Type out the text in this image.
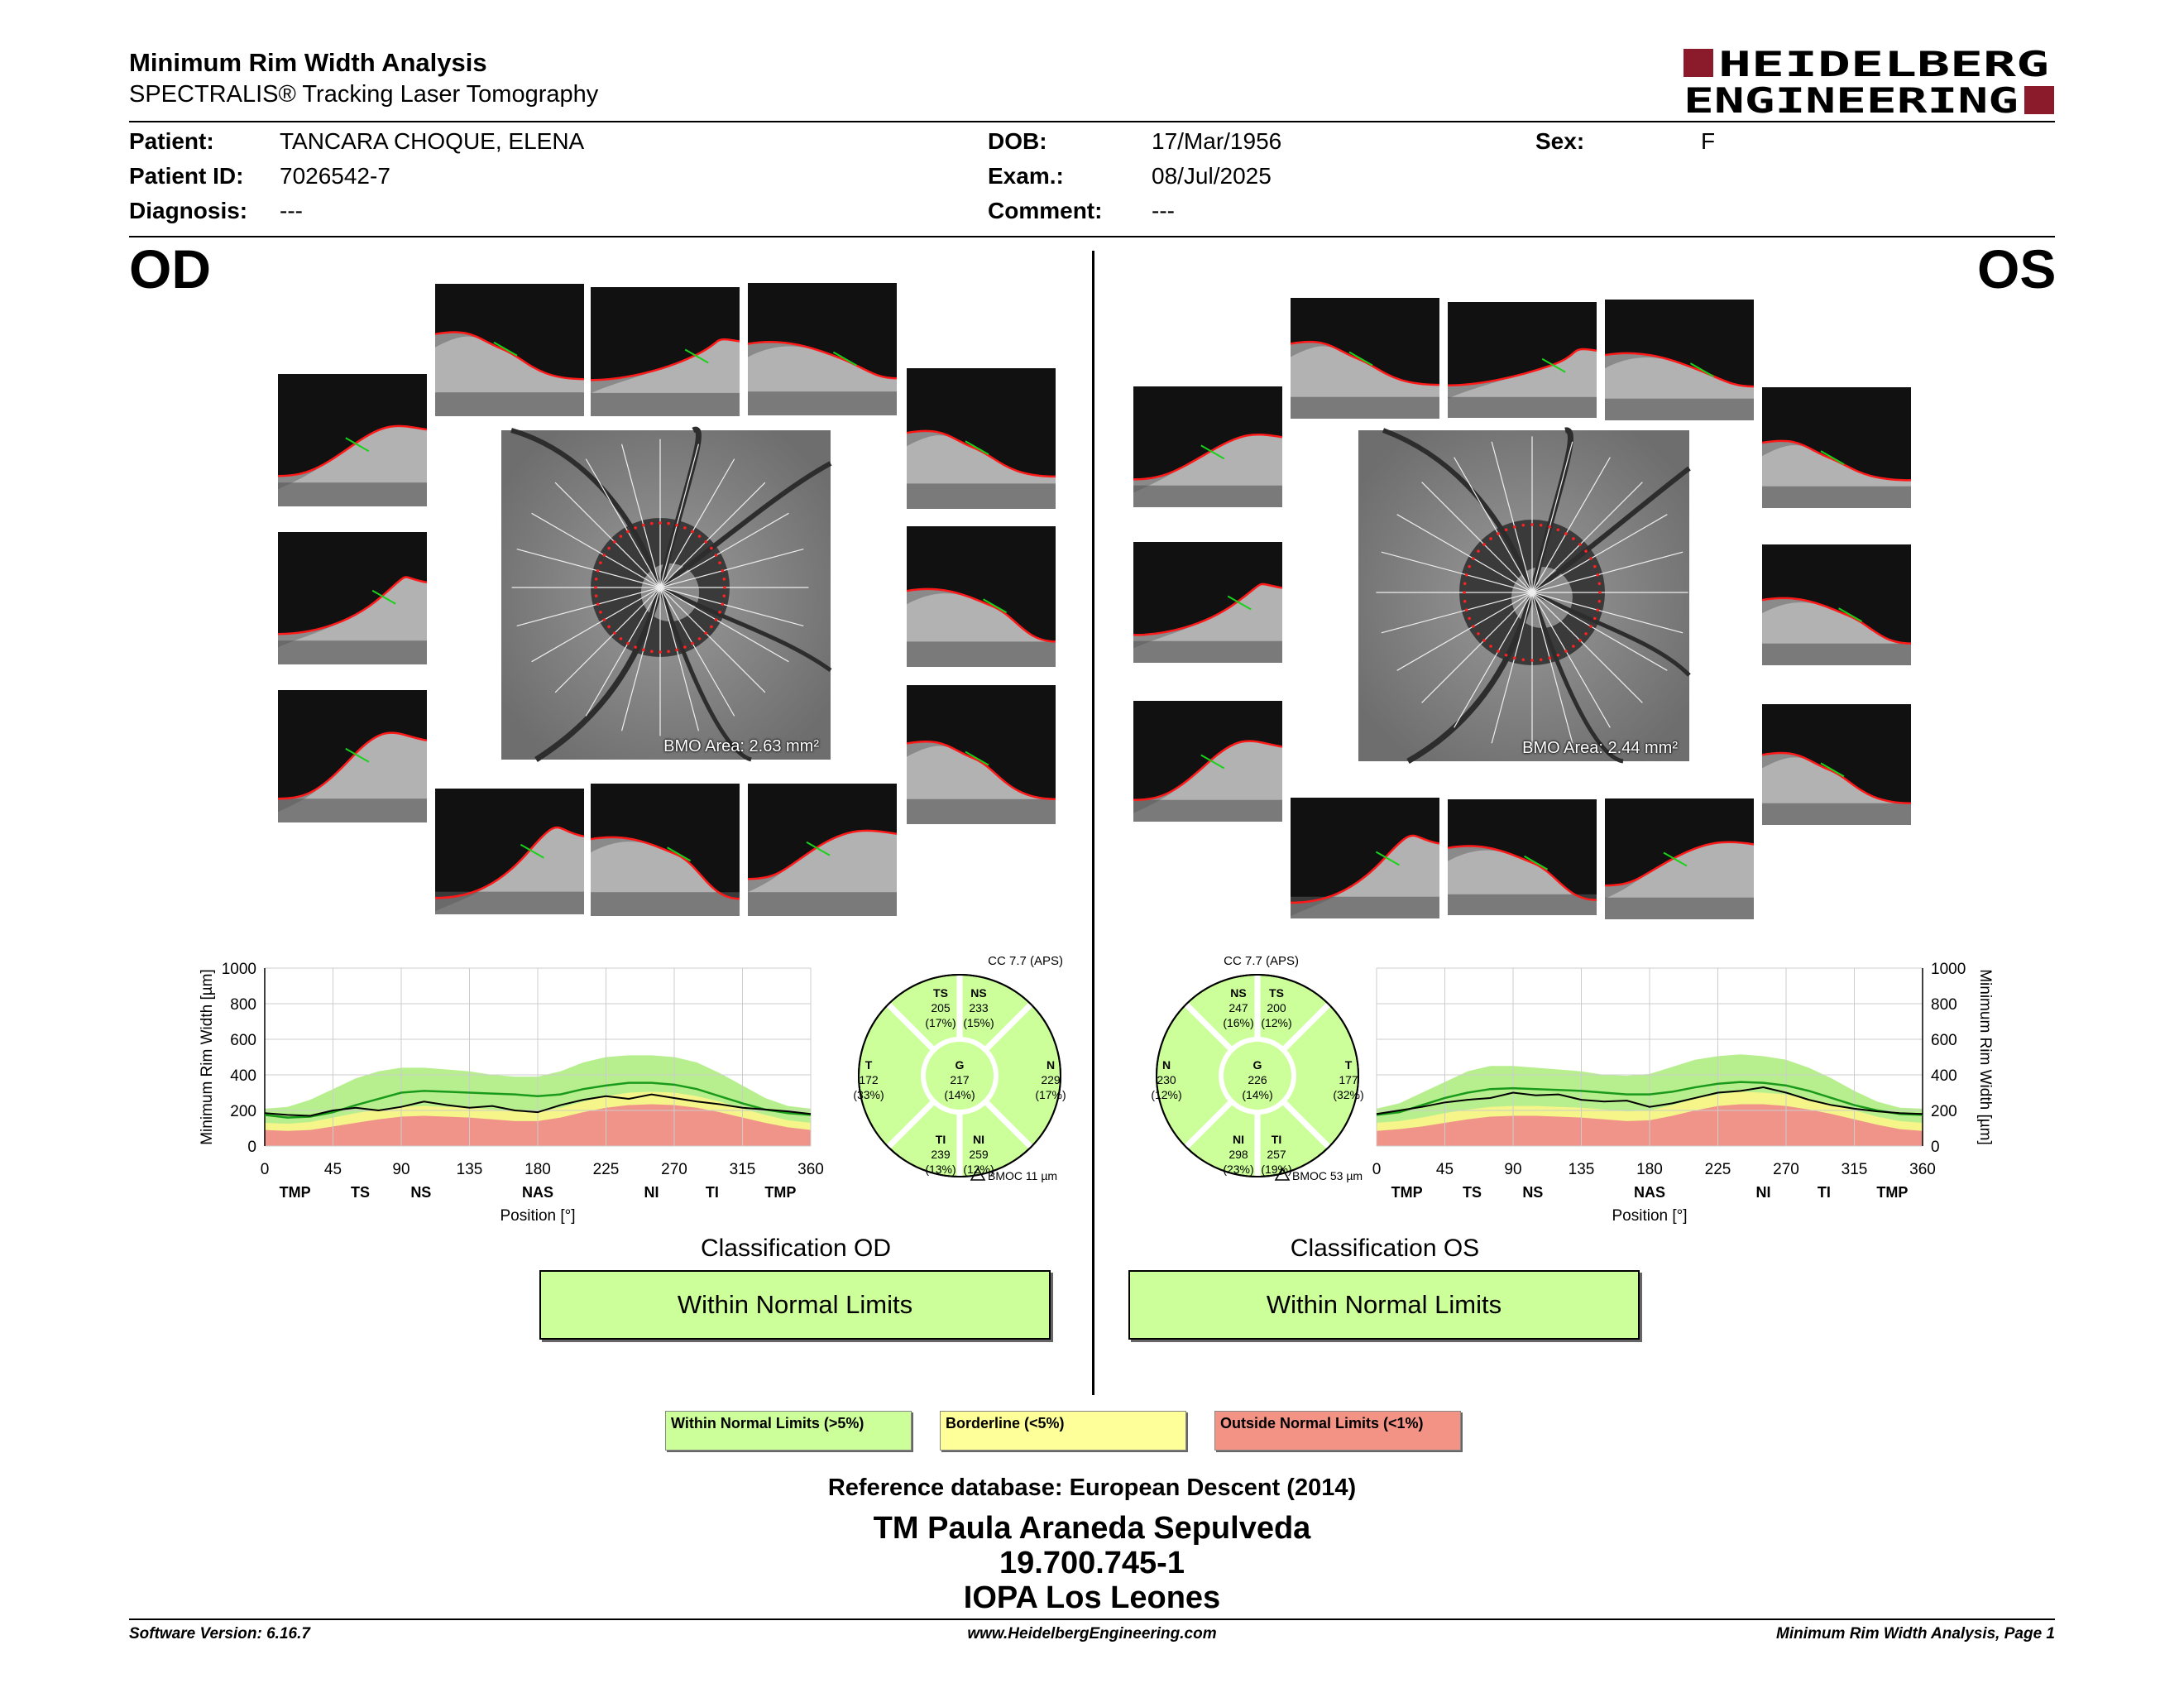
Minimum Rim Width Analysis
SPECTRALIS® Tracking Laser Tomography
HEIDELBERG
ENGINEERING
Patient:	TANCARA CHOQUE, ELENA
Patient ID: 7026542-7
Diagnosis: ---
DOB:	17/Mar/1956
Exam.:	08/Jul/2025
Comment: ---
Sex:	F
OD	OS
BMO Area: 2.63 mm²	BMO Area: 2.44 mm²
0
200
400
600
800
1000
0	45	90	135	180	225	270	315	360
TMP	TS	NS	NAS	NI	TI	TMP
Position [°]
Minimum Rim Width [µm]
0
200
400
600
800
1000
0	45	90	135	180	225	270	315	360
TMP	TS	NS	NAS	NI	TI	TMP
Position [°]
Minimum Rim Width [µm]
CC 7.7 (APS)
TS
205
(17%)
NS
233
(15%)
T
172
(33%)
G
217
(14%)
N
229
(17%)
TI
239
(13%)
NI
259
(12%)
BMOC 11 µm
CC 7.7 (APS)
NS
247
(16%)
TS
200
(12%)
N
230
(12%)
G
226
(14%)
T
177
(32%)
NI
298
(23%)
TI
257
(19%) BMOC 53 µm
Classification OD
Within Normal Limits
Classification OS
Within Normal Limits
Within Normal Limits (>5%)	Borderline (<5%)	Outside Normal Limits (<1%)
Reference database: European Descent (2014)
TM Paula Araneda Sepulveda
19.700.745-1
IOPA Los Leones
Software Version: 6.16.7	www.HeidelbergEngineering.com	Minimum Rim Width Analysis, Page 1
